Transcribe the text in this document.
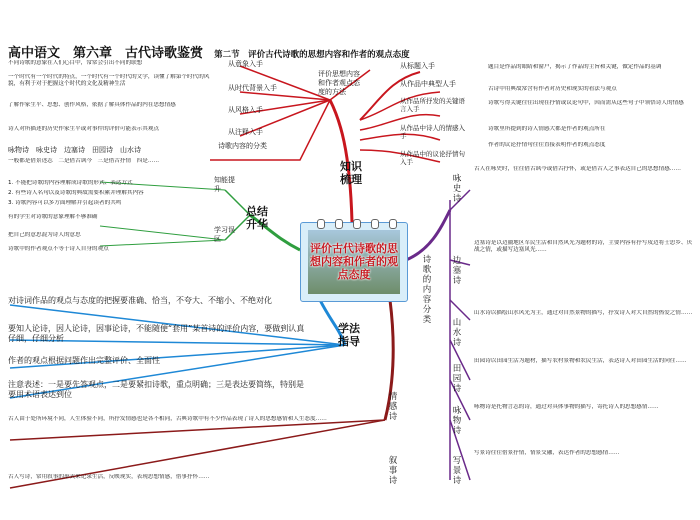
高中语文　第六章　古代诗歌鉴赏 第二节　评价古代诗歌的思想内容和作者的观点态度
评价古代诗歌的思想内容和作者的观点态度
知识梳理
总结升华
学法指导
诗歌的内容分类
从意象入手
从时代背景入手
从风格入手
从注释入手
评价思想内容和作者观点态度的方法
从标题入手
从作品中典型人手
从作品所抒发的关键语言入手
从作品中诗人的情感入手
从作品中的议论抒情句入手
不同诗歌的意象在人们心目中，常常会引出不同的联想
一个时代有一个时代的特点，一个时代有一个时代的文学，读懂了解第个时代的风貌，有利于对于把握这个时代的文化及精神生活
了解作家生平、思想、创作风格，依据了解具体作品的内在思想情感
诗人对所描述的历史作家生平或对事件的评价可能表示其观点
题目是作品的眼睛和窗户，揭示了作品的主旨和关键，做定作品的基调
古诗中用典故常含有作者对历史和现实的看法与观点
诗歌写得关键往往出现在抒情或议论句中，因而需从这些句子中领悟诗人的情感
诗歌里所提到的诗人情感大都是作者的观点所在
作者的议论抒情句往往直接表明作者的观点态度
诗歌内容的分类
咏物诗　咏史诗　边塞诗　田园诗　山水诗
一般都是借景述志　二是借古讽今　三是借古抒情　四是……
知能提升
学习误区
1. 不能把诗歌的内容理解成诗歌的形式、表达方式
2. 有些诗人名句以及诗歌的典故需要积累并理解其内容
3. 诗歌内容可以多方面理解并引起读者的共鸣
有的学生对诗歌的意象理解不够准确
把自己的意思混为诗人的意思
诗歌中的作者观点不等于诗人自身的观点
对诗词作品的观点与态度的把握要准确、恰当，不夸大、不缩小、不绝对化
要知人论诗，因人论诗，因事论诗，不能随便“套用”某首诗的评价内容，要做到认真仔细，仔细分析
作者的观点根据问题作出完整评价、全面性
注意表述：一是要先答观点，二是要紧扣诗歌，重点明确；三是表达要简练，特别是要用术语表达到位	情感诗
叙事诗
古人由于处所环境不同，人生体验不同，所抒发情感也是各不相同，古典诗歌中有不少作品表现了诗人的思想感情和人生态度……
古人写诗，常用叙事的形式来记录生活，反映现实，表现思想情感，借事抒怀……
咏史诗
边塞诗
山水诗
田园诗
咏物诗
写景诗
古人在咏史时，往往借古讽今或借古抒怀，或是借古人之事表达自己的思想情感……
边塞诗是以边疆地区军民生活和自然风光为题材的诗，主要内容有抒写戍边将士思乡、厌战之情，或描写边塞风光……
山水诗以描绘山水风光为主，通过对自然景物的描写，抒发诗人对大自然的热爱之情……
田园诗以田园生活为题材，描写农村景物和农民生活，表达诗人对田园生活的向往……
咏物诗是托物言志的诗，通过对具体事物的描写，寄托诗人的思想感情……
写景诗往往借景抒情，情景交融，表达作者的思想感情……
